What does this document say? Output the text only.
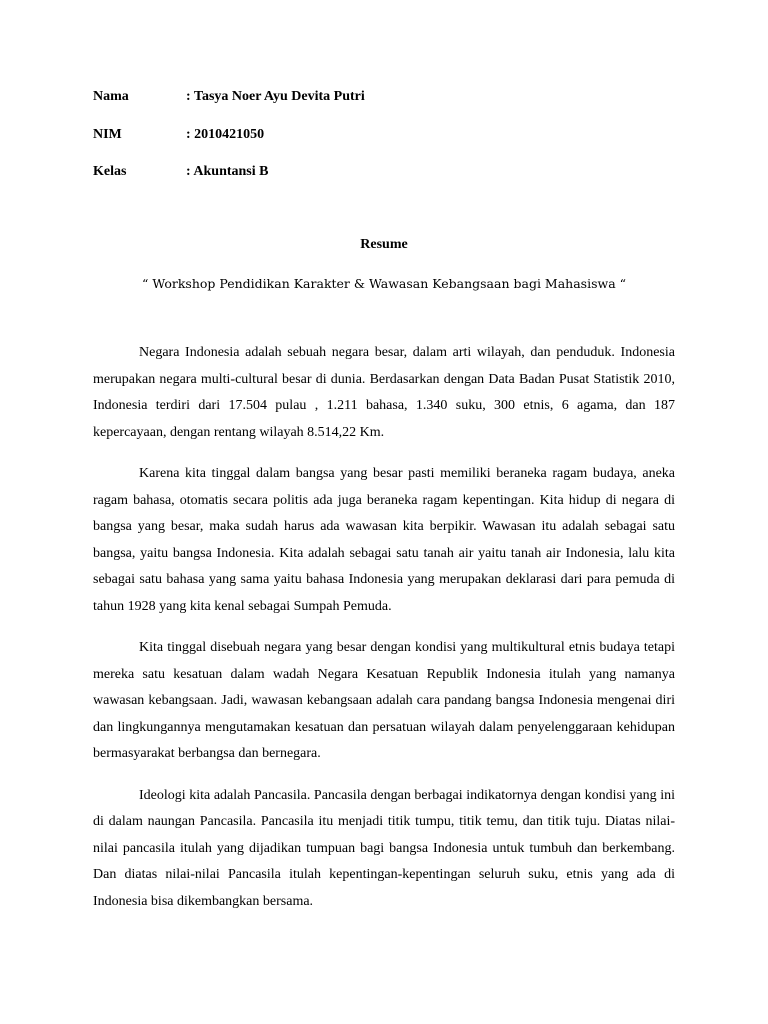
Nama	: Tasya Noer Ayu Devita Putri
NIM	: 2010421050
Kelas	: Akuntansi B
Resume
“ Workshop Pendidikan Karakter & Wawasan Kebangsaan bagi Mahasiswa “

Negara Indonesia adalah sebuah negara besar, dalam arti wilayah, dan penduduk. Indonesia merupakan negara multi-cultural besar di dunia. Berdasarkan dengan Data Badan Pusat Statistik 2010, Indonesia terdiri dari 17.504 pulau , 1.211 bahasa, 1.340 suku, 300 etnis, 6 agama, dan 187 kepercayaan, dengan rentang wilayah 8.514,22 Km.

Karena kita tinggal dalam bangsa yang besar pasti memiliki beraneka ragam budaya, aneka ragam bahasa, otomatis secara politis ada juga beraneka ragam kepentingan. Kita hidup di negara di bangsa yang besar, maka sudah harus ada wawasan kita berpikir. Wawasan itu adalah sebagai satu bangsa, yaitu bangsa Indonesia. Kita adalah sebagai satu tanah air yaitu tanah air Indonesia, lalu kita sebagai satu bahasa yang sama yaitu bahasa Indonesia yang merupakan deklarasi dari para pemuda di tahun 1928 yang kita kenal sebagai Sumpah Pemuda.

Kita tinggal disebuah negara yang besar dengan kondisi yang multikultural etnis budaya tetapi mereka satu kesatuan dalam wadah Negara Kesatuan Republik Indonesia itulah yang namanya wawasan kebangsaan. Jadi, wawasan kebangsaan adalah cara pandang bangsa Indonesia mengenai diri dan lingkungannya mengutamakan kesatuan dan persatuan wilayah dalam penyelenggaraan kehidupan bermasyarakat berbangsa dan bernegara.

Ideologi kita adalah Pancasila. Pancasila dengan berbagai indikatornya dengan kondisi yang ini di dalam naungan Pancasila. Pancasila itu menjadi titik tumpu, titik temu, dan titik tuju. Diatas nilai-nilai pancasila itulah yang dijadikan tumpuan bagi bangsa Indonesia untuk tumbuh dan berkembang. Dan diatas nilai-nilai Pancasila itulah kepentingan-kepentingan seluruh suku, etnis yang ada di Indonesia bisa dikembangkan bersama.
